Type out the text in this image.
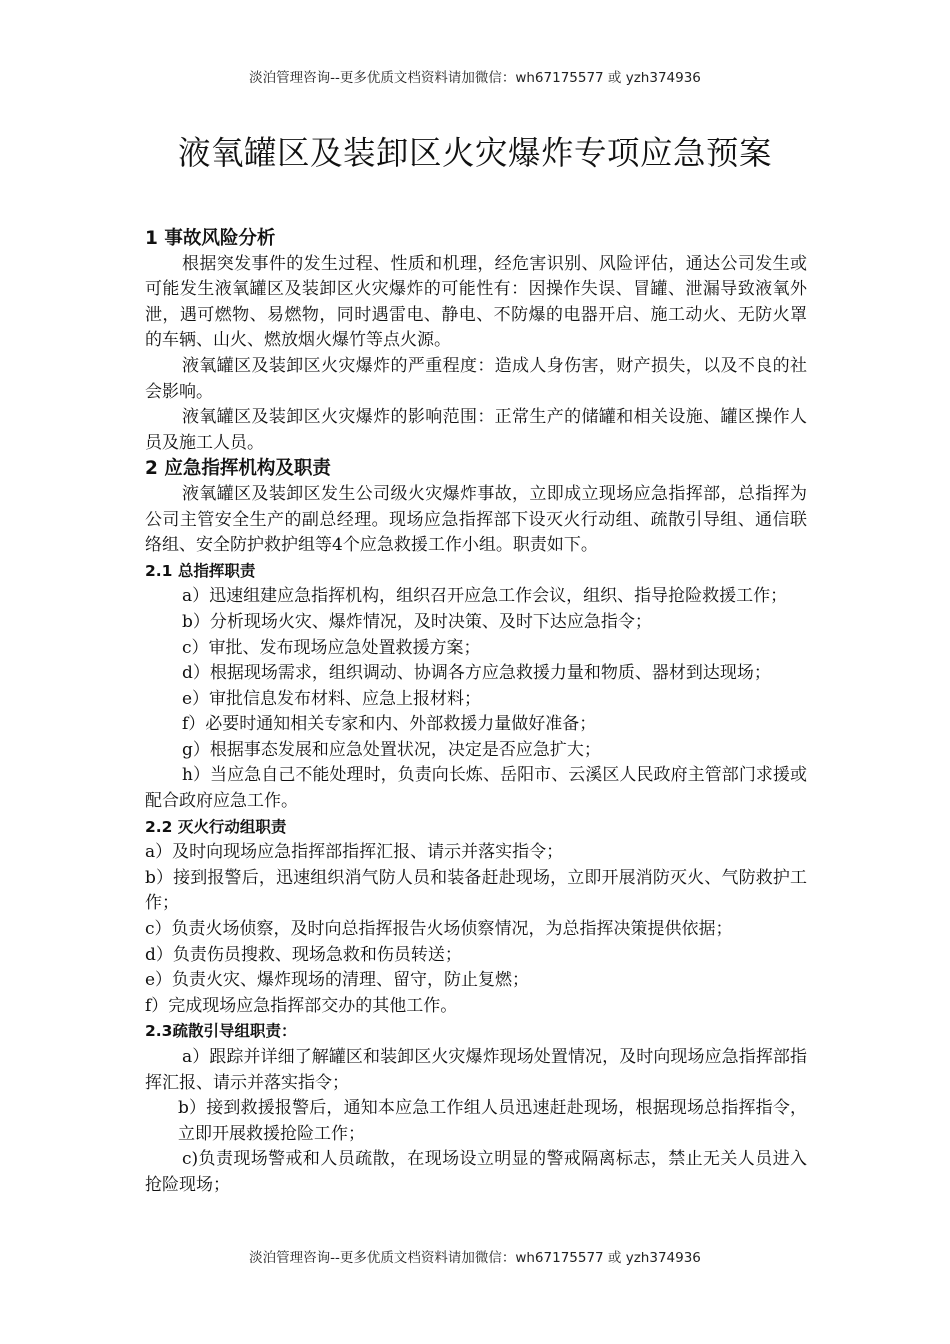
淡泊管理咨询--更多优质文档资料请加微信：wh67175577 或 yzh374936
液氧罐区及装卸区火灾爆炸专项应急预案
1 事故风险分析

根据突发事件的发生过程、性质和机理，经危害识别、风险评估，通达公司发生或可能发生液氧罐区及装卸区火灾爆炸的可能性有：因操作失误、冒罐、泄漏导致液氧外泄，遇可燃物、易燃物，同时遇雷电、静电、不防爆的电器开启、施工动火、无防火罩的车辆、山火、燃放烟火爆竹等点火源。

液氧罐区及装卸区火灾爆炸的严重程度：造成人身伤害，财产损失，以及不良的社会影响。

液氧罐区及装卸区火灾爆炸的影响范围：正常生产的储罐和相关设施、罐区操作人员及施工人员。

2 应急指挥机构及职责

液氧罐区及装卸区发生公司级火灾爆炸事故，立即成立现场应急指挥部，总指挥为公司主管安全生产的副总经理。现场应急指挥部下设灭火行动组、疏散引导组、通信联络组、安全防护救护组等4个应急救援工作小组。职责如下。

2.1 总指挥职责

a）迅速组建应急指挥机构，组织召开应急工作会议，组织、指导抢险救援工作；

b）分析现场火灾、爆炸情况，及时决策、及时下达应急指令；

c）审批、发布现场应急处置救援方案；

d）根据现场需求，组织调动、协调各方应急救援力量和物质、器材到达现场；

e）审批信息发布材料、应急上报材料；

f）必要时通知相关专家和内、外部救援力量做好准备；

g）根据事态发展和应急处置状况，决定是否应急扩大；

h）当应急自己不能处理时，负责向长炼、岳阳市、云溪区人民政府主管部门求援或配合政府应急工作。

2.2 灭火行动组职责

a）及时向现场应急指挥部指挥汇报、请示并落实指令；

b）接到报警后，迅速组织消气防人员和装备赶赴现场，立即开展消防灭火、气防救护工作；

c）负责火场侦察，及时向总指挥报告火场侦察情况，为总指挥决策提供依据；

d）负责伤员搜救、现场急救和伤员转送；

e）负责火灾、爆炸现场的清理、留守，防止复燃；

f）完成现场应急指挥部交办的其他工作。

2.3疏散引导组职责：

a）跟踪并详细了解罐区和装卸区火灾爆炸现场处置情况，及时向现场应急指挥部指挥汇报、请示并落实指令；

b）接到救援报警后，通知本应急工作组人员迅速赶赴现场，根据现场总指挥指令，立即开展救援抢险工作；

c)负责现场警戒和人员疏散，在现场设立明显的警戒隔离标志，禁止无关人员进入抢险现场；

淡泊管理咨询--更多优质文档资料请加微信：wh67175577 或 yzh374936
